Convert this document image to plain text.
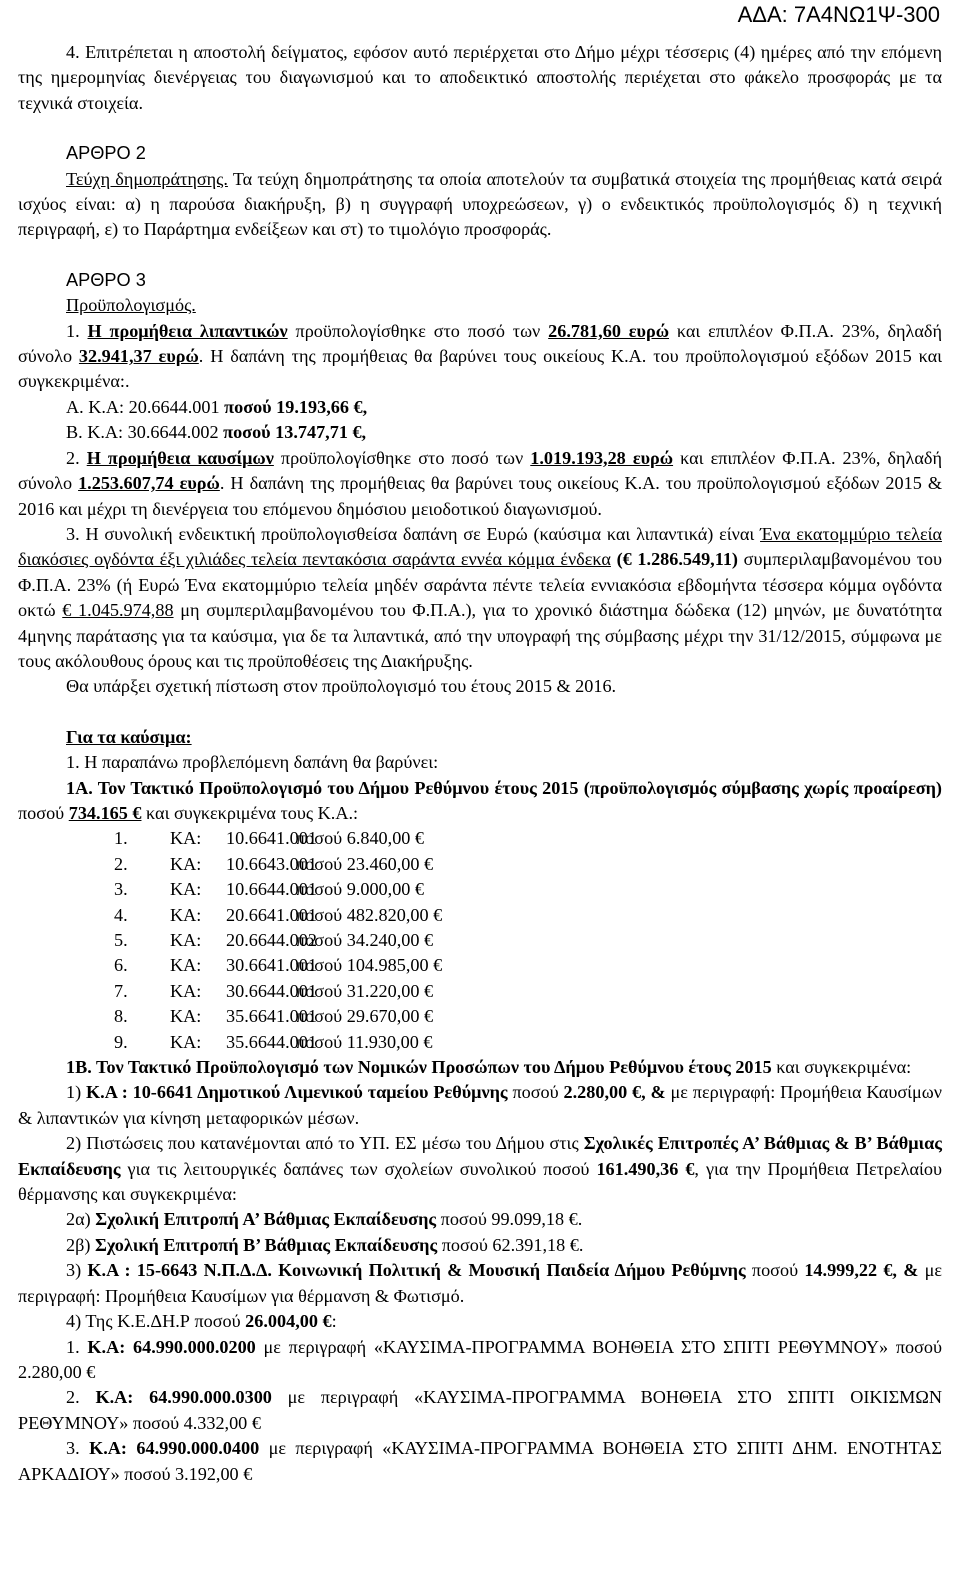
ΑΔΑ: 7Α4ΝΩ1Ψ-300

4. Επιτρέπεται η αποστολή δείγματος, εφόσον αυτό περιέρχεται στο Δήμο μέχρι τέσσερις (4) ημέρες από την επόμενη της ημερομηνίας διενέργειας του διαγωνισμού και το αποδεικτικό αποστολής περιέχεται στο φάκελο προσφοράς με τα τεχνικά στοιχεία.

ΑΡΘΡΟ 2

Τεύχη δημοπράτησης. Τα τεύχη δημοπράτησης τα οποία αποτελούν τα συμβατικά στοιχεία της προμήθειας κατά σειρά ισχύος είναι: α) η παρούσα διακήρυξη, β) η συγγραφή υποχρεώσεων, γ) ο ενδεικτικός προϋπολογισμός δ) η τεχνική περιγραφή, ε) το Παράρτημα ενδείξεων και στ) το τιμολόγιο προσφοράς.

ΑΡΘΡΟ 3

Προϋπολογισμός.

1. Η προμήθεια λιπαντικών προϋπολογίσθηκε στο ποσό των 26.781,60 ευρώ και επιπλέον Φ.Π.Α. 23%, δηλαδή σύνολο 32.941,37 ευρώ. Η δαπάνη της προμήθειας θα βαρύνει τους οικείους Κ.Α. του προϋπολογισμού εξόδων 2015 και συγκεκριμένα:.

Α. Κ.Α: 20.6644.001 ποσού 19.193,66 €,

Β. Κ.Α: 30.6644.002 ποσού 13.747,71 €,

2. Η προμήθεια καυσίμων προϋπολογίσθηκε στο ποσό των 1.019.193,28 ευρώ και επιπλέον Φ.Π.Α. 23%, δηλαδή σύνολο 1.253.607,74 ευρώ. Η δαπάνη της προμήθειας θα βαρύνει τους οικείους Κ.Α. του προϋπολογισμού εξόδων 2015 & 2016 και μέχρι τη διενέργεια του επόμενου δημόσιου μειοδοτικού διαγωνισμού.

3. Η συνολική ενδεικτική προϋπολογισθείσα δαπάνη σε Ευρώ (καύσιμα και λιπαντικά) είναι Ένα εκατομμύριο τελεία διακόσιες ογδόντα έξι χιλιάδες τελεία πεντακόσια σαράντα εννέα κόμμα ένδεκα (€ 1.286.549,11) συμπεριλαμβανομένου του Φ.Π.Α. 23% (ή Ευρώ Ένα εκατομμύριο τελεία μηδέν σαράντα πέντε τελεία εννιακόσια εβδομήντα τέσσερα κόμμα ογδόντα οκτώ € 1.045.974,88 μη συμπεριλαμβανομένου του Φ.Π.Α.), για το χρονικό διάστημα δώδεκα (12) μηνών, με δυνατότητα 4μηνης παράτασης για τα καύσιμα, για δε τα λιπαντικά, από την υπογραφή της σύμβασης μέχρι την 31/12/2015, σύμφωνα με τους ακόλουθους όρους και τις προϋποθέσεις της Διακήρυξης.

Θα υπάρξει σχετική πίστωση στον προϋπολογισμό του έτους 2015 & 2016.

Για τα καύσιμα:

1. Η παραπάνω προβλεπόμενη δαπάνη θα βαρύνει:

1Α. Τον Τακτικό Προϋπολογισμό του Δήμου Ρεθύμνου έτους 2015 (προϋπολογισμός σύμβασης χωρίς προαίρεση) ποσού 734.165 € και συγκεκριμένα τους Κ.Α.:

1. ΚΑ: 10.6641.001ποσού 6.840,00 €

2. ΚΑ: 10.6643.001ποσού 23.460,00 €

3. ΚΑ: 10.6644.001ποσού 9.000,00 €

4. ΚΑ: 20.6641.001ποσού 482.820,00 €

5. ΚΑ: 20.6644.002ποσού 34.240,00 €

6. ΚΑ: 30.6641.001ποσού 104.985,00 €

7. ΚΑ: 30.6644.001ποσού 31.220,00 €

8. ΚΑ: 35.6641.001ποσού 29.670,00 €

9. ΚΑ: 35.6644.001ποσού 11.930,00 €

1Β. Τον Τακτικό Προϋπολογισμό των Νομικών Προσώπων του Δήμου Ρεθύμνου έτους 2015 και συγκεκριμένα:

1) Κ.Α : 10-6641 Δημοτικού Λιμενικού ταμείου Ρεθύμνης ποσού 2.280,00 €, & με περιγραφή: Προμήθεια Καυσίμων & λιπαντικών για κίνηση μεταφορικών μέσων.

2) Πιστώσεις που κατανέμονται από το ΥΠ. ΕΣ μέσω του Δήμου στις Σχολικές Επιτροπές Α’ Βάθμιας & Β’ Βάθμιας Εκπαίδευσης για τις λειτουργικές δαπάνες των σχολείων συνολικού ποσού 161.490,36 €, για την Προμήθεια Πετρελαίου θέρμανσης και συγκεκριμένα:

2α) Σχολική Επιτροπή Α’ Βάθμιας Εκπαίδευσης ποσού 99.099,18 €.

2β) Σχολική Επιτροπή Β’ Βάθμιας Εκπαίδευσης ποσού 62.391,18 €.

3) Κ.Α : 15-6643 Ν.Π.Δ.Δ. Κοινωνική Πολιτική & Μουσική Παιδεία Δήμου Ρεθύμνης ποσού 14.999,22 €, & με περιγραφή: Προμήθεια Καυσίμων για θέρμανση & Φωτισμό.

4) Της Κ.Ε.ΔΗ.Ρ ποσού 26.004,00 €:

1. Κ.Α: 64.990.000.0200 με περιγραφή «ΚΑΥΣΙΜΑ-ΠΡΟΓΡΑΜΜΑ ΒΟΗΘΕΙΑ ΣΤΟ ΣΠΙΤΙ ΡΕΘΥΜΝΟΥ» ποσού 2.280,00 €

2. Κ.Α: 64.990.000.0300 με περιγραφή «ΚΑΥΣΙΜΑ-ΠΡΟΓΡΑΜΜΑ ΒΟΗΘΕΙΑ ΣΤΟ ΣΠΙΤΙ ΟΙΚΙΣΜΩΝ ΡΕΘΥΜΝΟΥ» ποσού 4.332,00 €

3. Κ.Α: 64.990.000.0400 με περιγραφή «ΚΑΥΣΙΜΑ-ΠΡΟΓΡΑΜΜΑ ΒΟΗΘΕΙΑ ΣΤΟ ΣΠΙΤΙ ΔΗΜ. ΕΝΟΤΗΤΑΣ ΑΡΚΑΔΙΟΥ» ποσού 3.192,00 €
